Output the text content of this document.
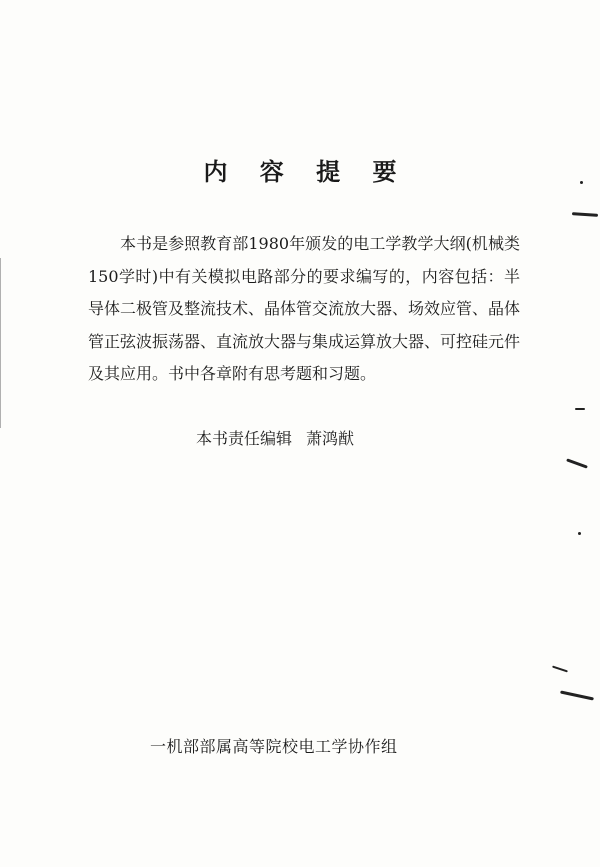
内 容 提 要
本书是参照教育部1980年颁发的电工学教学大纲(机械类150学时)中有关模拟电路部分的要求编写的，内容包括：半导体二极管及整流技术、晶体管交流放大器、场效应管、晶体管正弦波振荡器、直流放大器与集成运算放大器、可控硅元件及其应用。书中各章附有思考题和习题。
本书责任编辑 萧鸿猷
一机部部属高等院校电工学协作组
